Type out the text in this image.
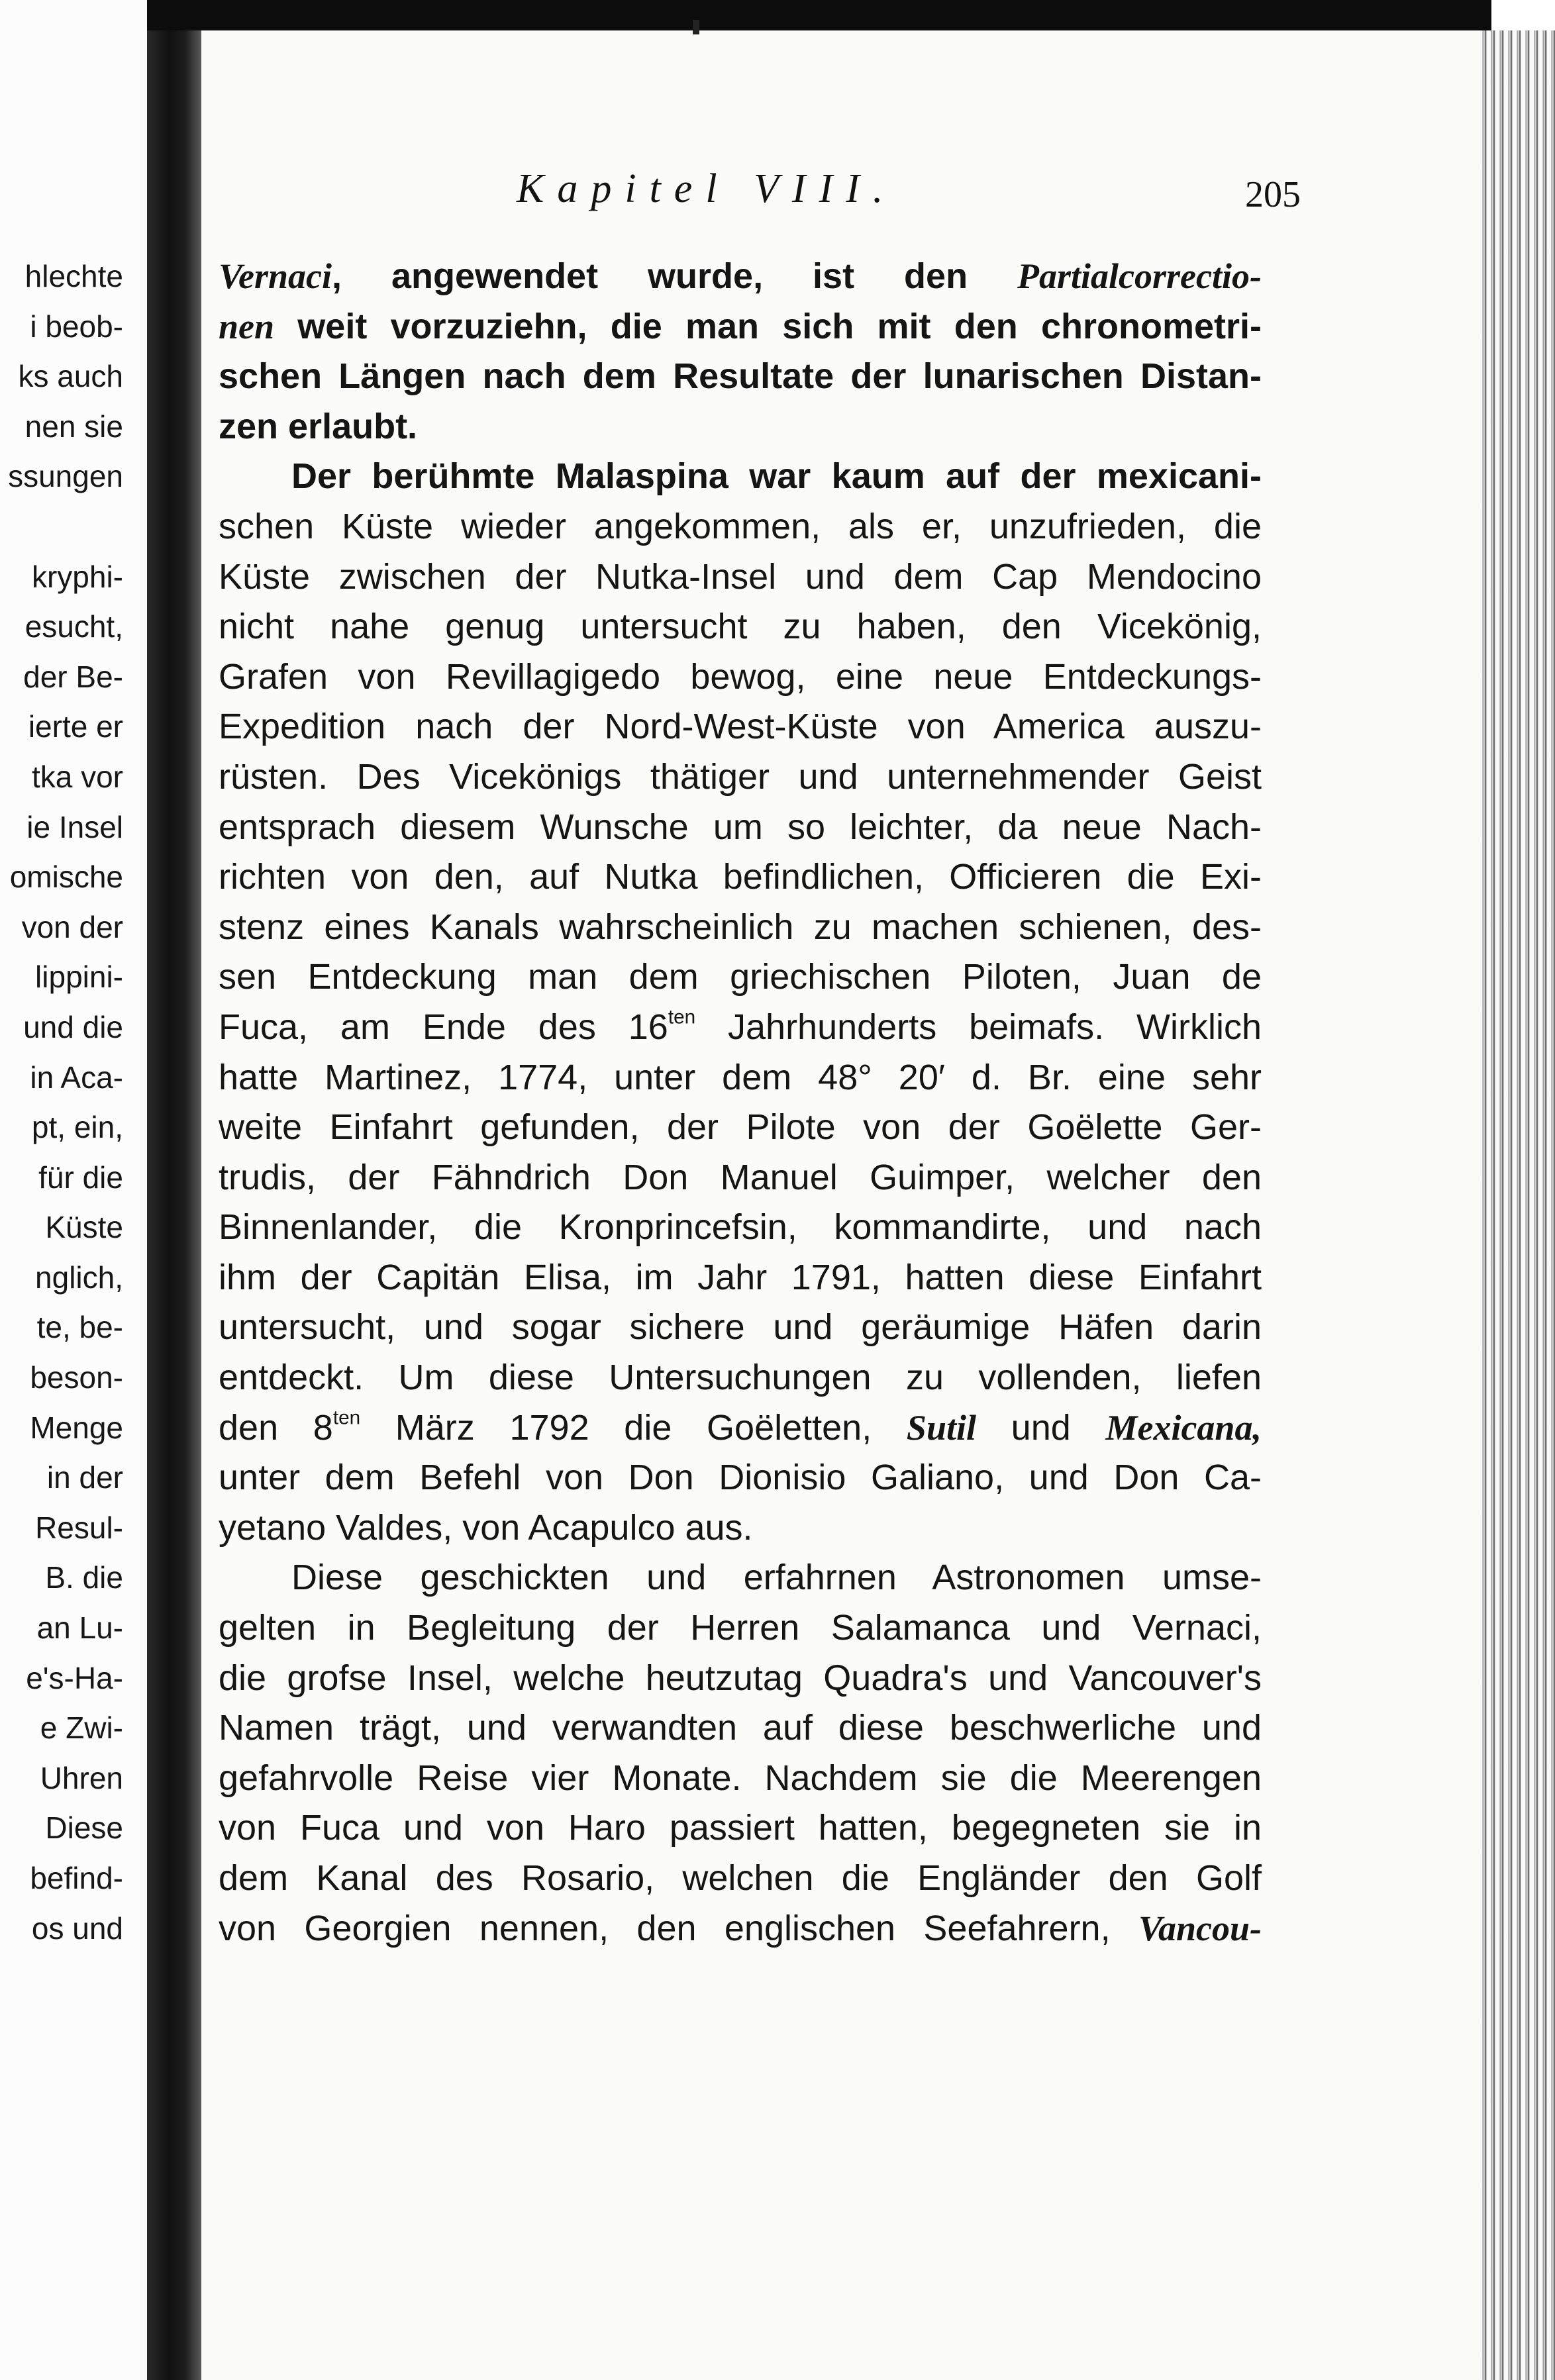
hlechte
i beob-
ks auch
nen sie
ssungen
kryphi-
esucht,
der Be-
ierte er
tka vor
ie Insel
omische
von der
lippini-
und die
in Aca-
pt, ein,
für die
Küste
nglich,
te, be-
beson-
Menge
in der
Resul-
B. die
an Lu-
e's-Ha-
e Zwi-
Uhren
Diese
befind-
os und
Kapitel VIII.	205
Vernaci, angewendet wurde, ist den Partialcorrectio-
nen weit vorzuziehn, die man sich mit den chronometri-
schen Längen nach dem Resultate der lunarischen Distan-
zen erlaubt.
Der berühmte Malaspina war kaum auf der mexicani-
schen Küste wieder angekommen, als er, unzufrieden, die
Küste zwischen der Nutka-Insel und dem Cap Mendocino
nicht nahe genug untersucht zu haben, den Vicekönig,
Grafen von Revillagigedo bewog, eine neue Entdeckungs-
Expedition nach der Nord-West-Küste von America auszu-
rüsten. Des Vicekönigs thätiger und unternehmender Geist
entsprach diesem Wunsche um so leichter, da neue Nach-
richten von den, auf Nutka befindlichen, Officieren die Exi-
stenz eines Kanals wahrscheinlich zu machen schienen, des-
sen Entdeckung man dem griechischen Piloten, Juan de
Fuca, am Ende des $16^{ten}$ Jahrhunderts beimafs. Wirklich
hatte Martinez, 1774, unter dem 48° 20′ d. Br. eine sehr
weite Einfahrt gefunden, der Pilote von der Goëlette Ger-
trudis, der Fähndrich Don Manuel Guimper, welcher den
Binnenlander, die Kronprincefsin, kommandirte, und nach
ihm der Capitän Elisa, im Jahr 1791, hatten diese Einfahrt
untersucht, und sogar sichere und geräumige Häfen darin
entdeckt. Um diese Untersuchungen zu vollenden, liefen
den $8^{ten}$ März 1792 die Goëletten, Sutil und Mexicana,
unter dem Befehl von Don Dionisio Galiano, und Don Ca-
yetano Valdes, von Acapulco aus.
Diese geschickten und erfahrnen Astronomen umse-
gelten in Begleitung der Herren Salamanca und Vernaci,
die grofse Insel, welche heutzutag Quadra's und Vancouver's
Namen trägt, und verwandten auf diese beschwerliche und
gefahrvolle Reise vier Monate. Nachdem sie die Meerengen
von Fuca und von Haro passiert hatten, begegneten sie in
dem Kanal des Rosario, welchen die Engländer den Golf
von Georgien nennen, den englischen Seefahrern, Vancou-
